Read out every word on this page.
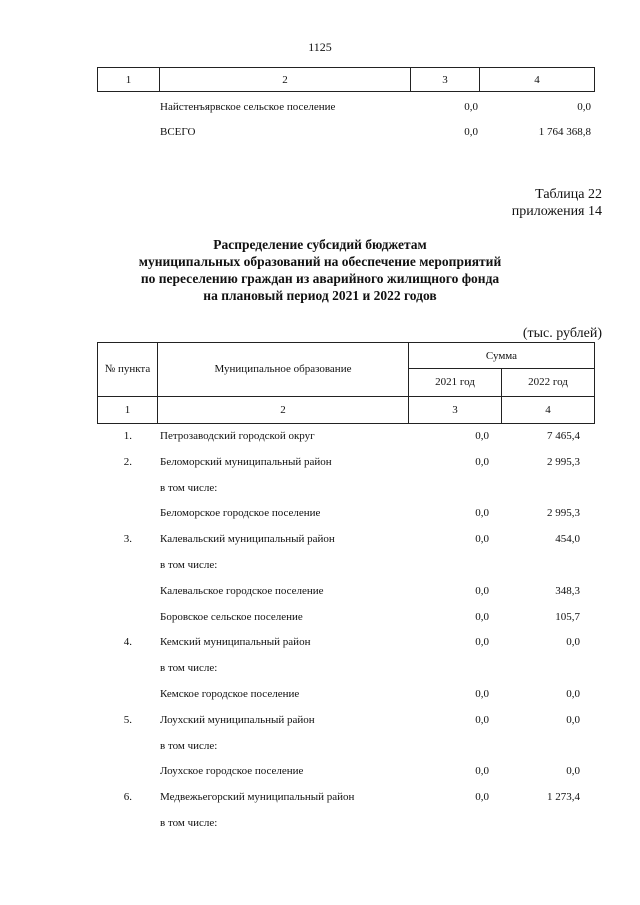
1125
1	2	3	4
Найстенъярвское сельское поселение	0,0	0,0
ВСЕГО	0,0	1 764 368,8
Таблица 22
приложения 14
Распределение субсидий бюджетам
муниципальных образований на обеспечение мероприятий
по переселению граждан из аварийного жилищного фонда
на плановый период 2021 и 2022 годов
(тыс. рублей)
№ пункта	Муниципальное образование	Сумма	
		2021 год	2022 год
1	2	3	4
1.	Петрозаводский городской округ	0,0	7 465,4
2.	Беломорский муниципальный район	0,0	2 995,3
в том числе:
Беломорское городское поселение	0,0	2 995,3
3.	Калевальский муниципальный район	0,0	454,0
в том числе:
Калевальское городское поселение	0,0	348,3
Боровское сельское поселение	0,0	105,7
4.	Кемский муниципальный район	0,0	0,0
в том числе:
Кемское городское поселение	0,0	0,0
5.	Лоухский муниципальный район	0,0	0,0
в том числе:
Лоухское городское поселение	0,0	0,0
6.	Медвежьегорский муниципальный район	0,0	1 273,4
в том числе:
